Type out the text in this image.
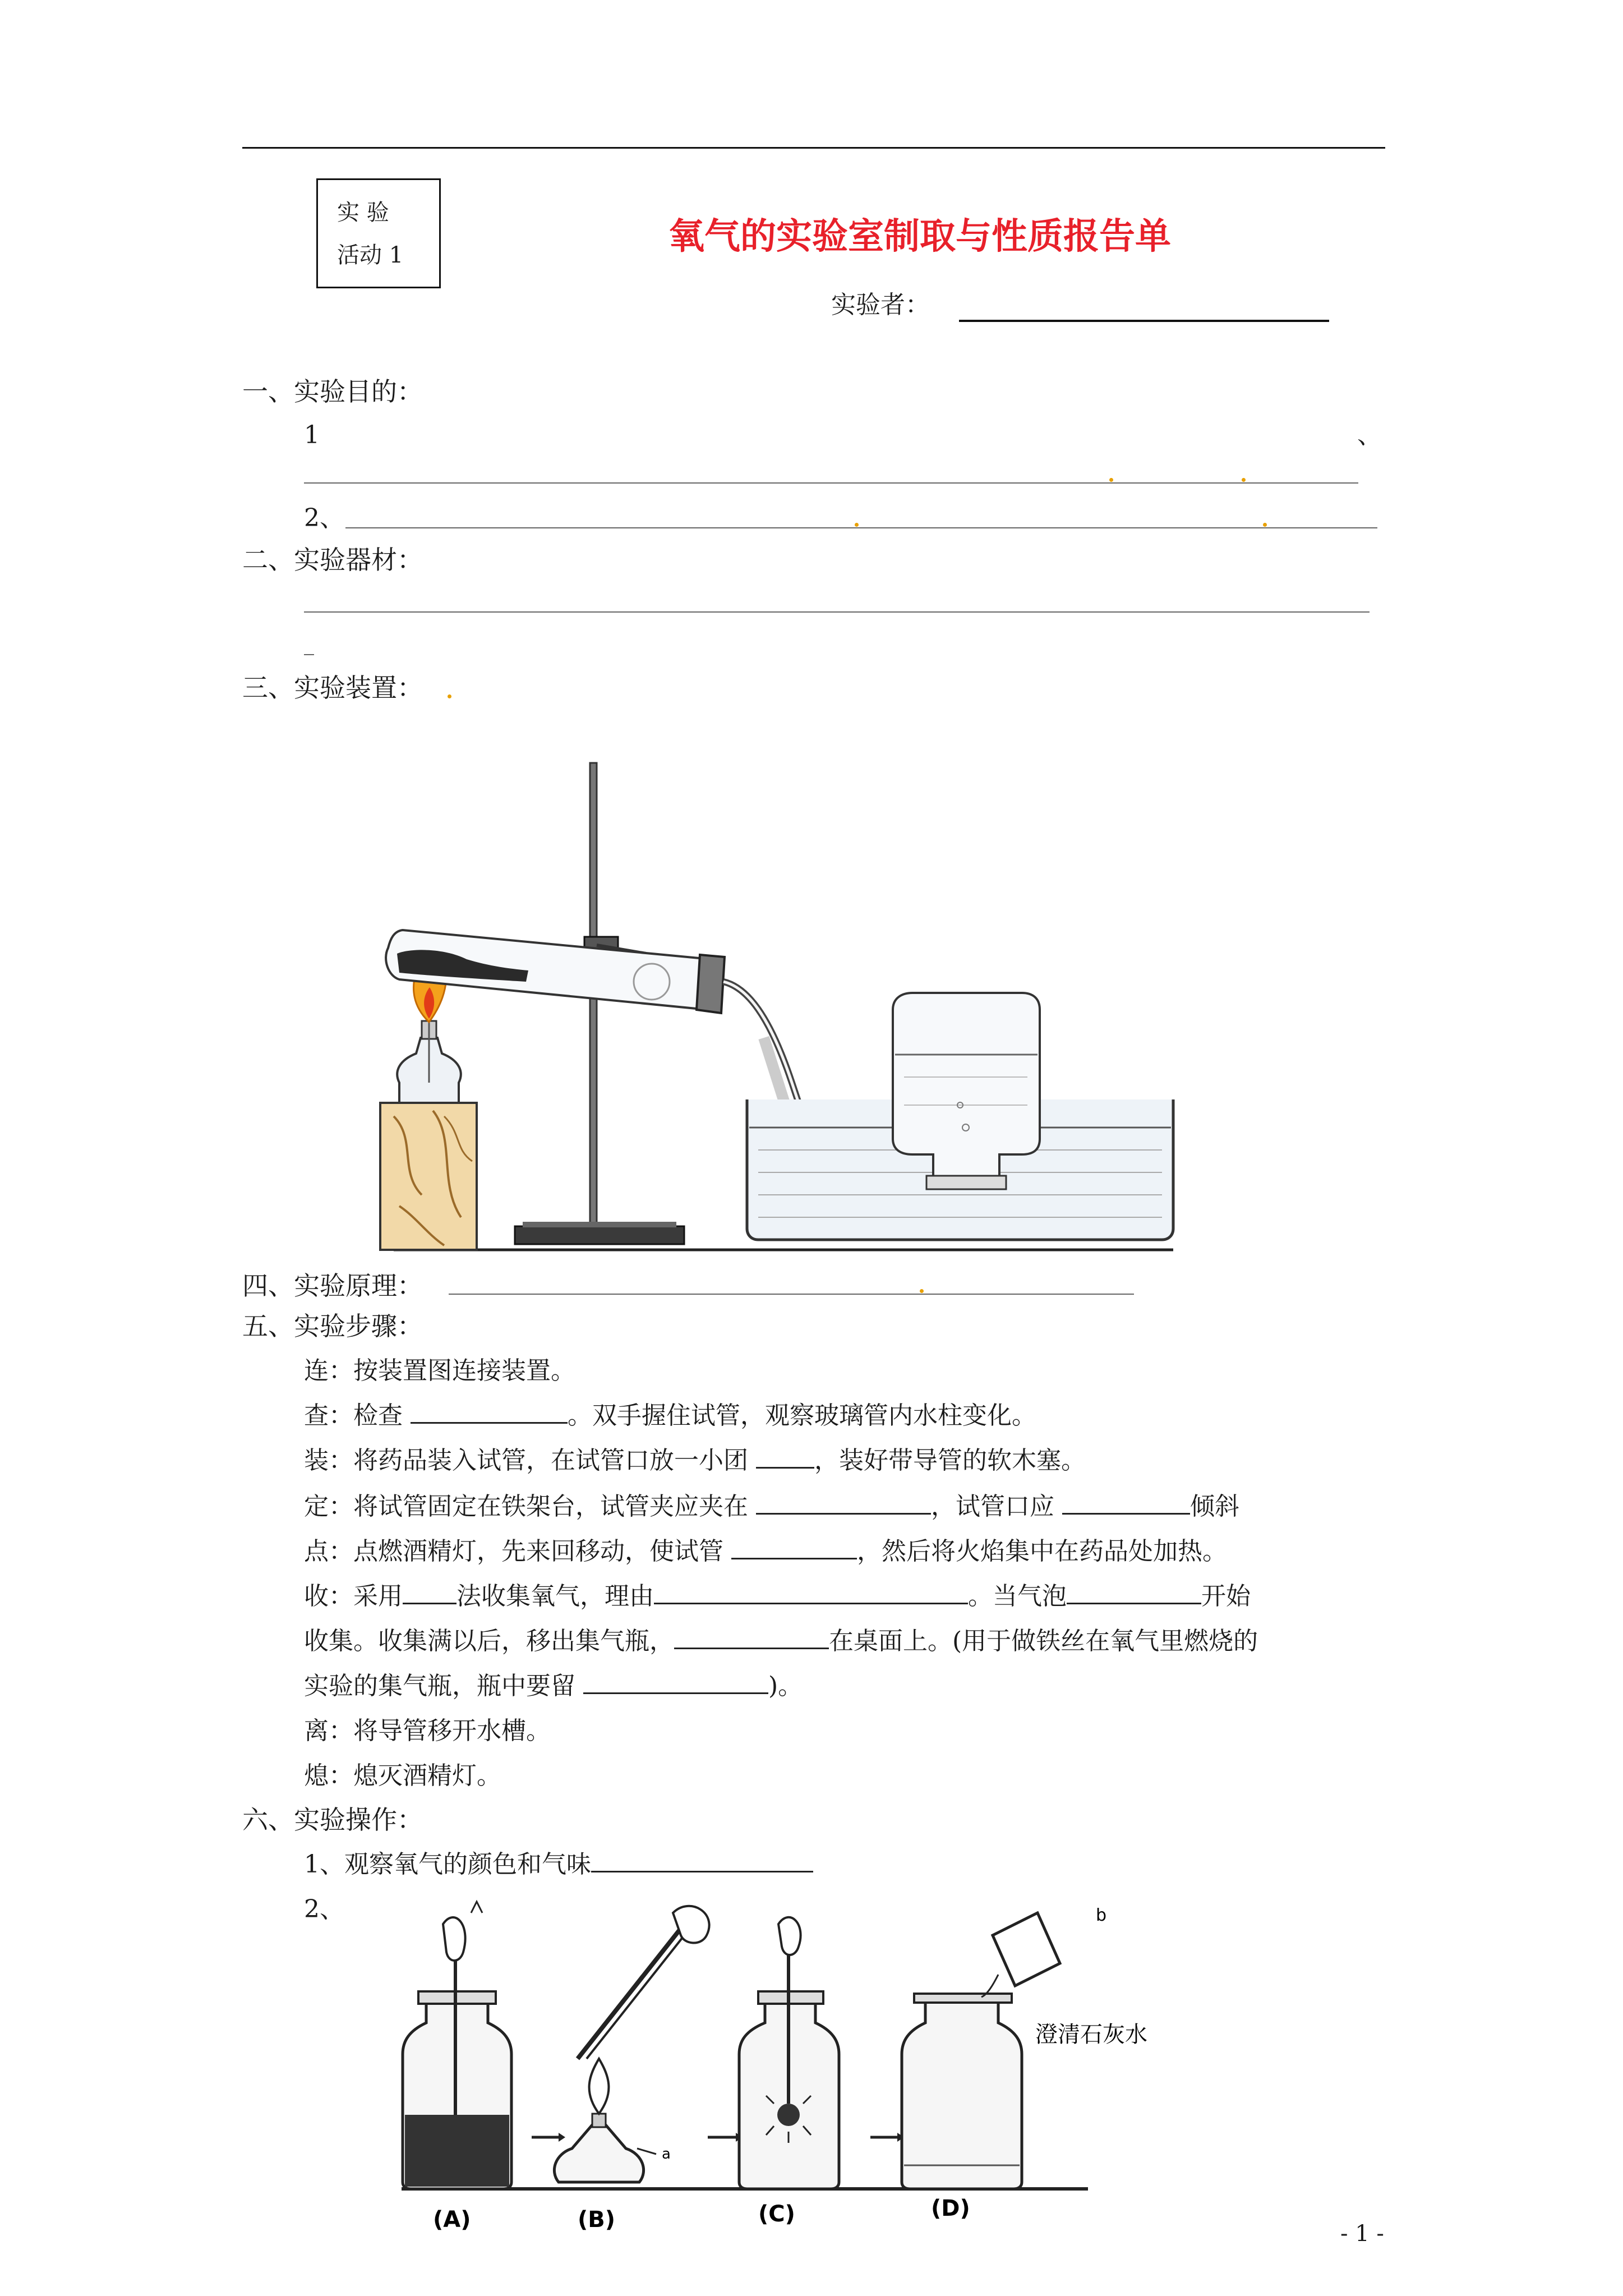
实 验
活动 1	氧气的实验室制取与性质报告单
实验者：
一、实验目的：
1	、
2、
二、实验器材：
三、实验装置：
四、实验原理：
五、实验步骤：
连：按装置图连接装置。
查：检查	。双手握住试管，观察玻璃管内水柱变化。
装：将药品装入试管，在试管口放一小团 ，装好带导管的软木塞。
定：将试管固定在铁架台，试管夹应夹在	，试管口应	倾斜
点：点燃酒精灯，先来回移动，使试管	，然后将火焰集中在药品处加热。
收：采用 法收集氧气，理由	。当气泡	开始
收集。收集满以后，移出集气瓶，	在桌面上。(用于做铁丝在氧气里燃烧的
实验的集气瓶，瓶中要留	)。
离：将导管移开水槽。
熄：熄灭酒精灯。
六、实验操作：
1、观察氧气的颜色和气味
2、
(A)	(B)	(C)	(D)
澄清石灰水
a
b
- 1 -
